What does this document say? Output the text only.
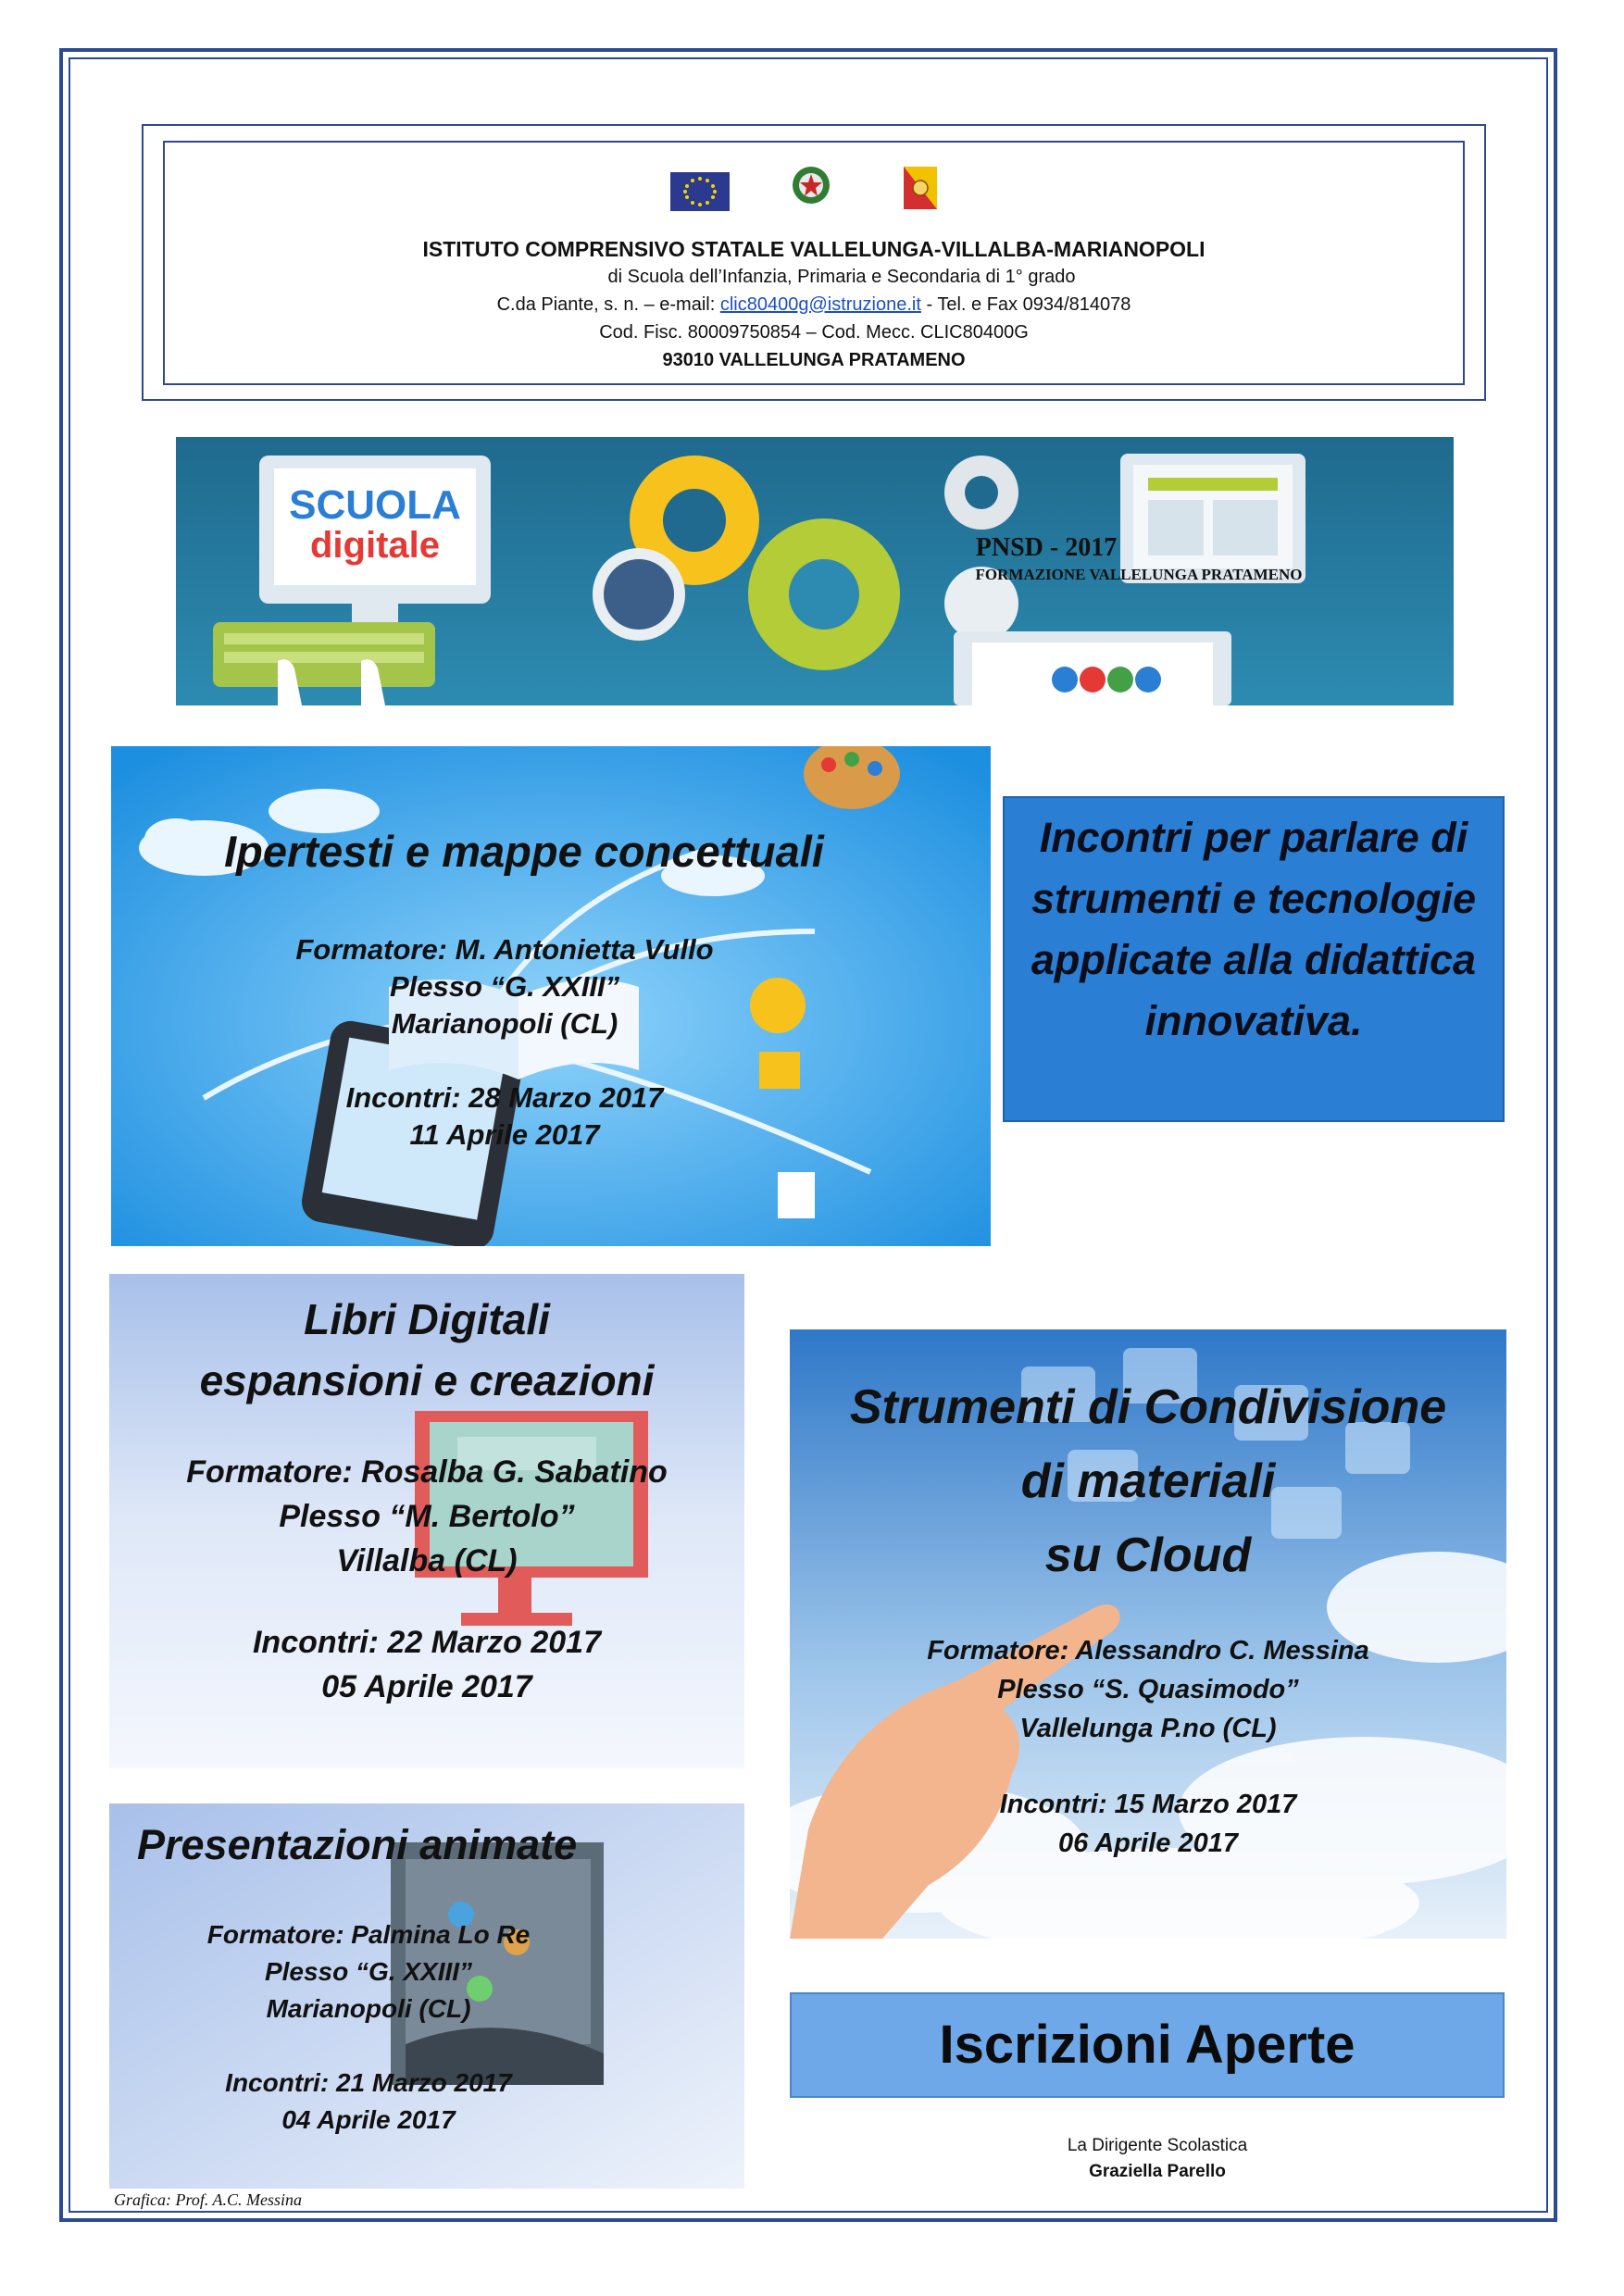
ISTITUTO COMPRENSIVO STATALE VALLELUNGA-VILLALBA-MARIANOPOLI
di Scuola dell’Infanzia, Primaria e Secondaria di 1° grado
C.da Piante, s. n. – e-mail: clic80400g@istruzione.it - Tel. e Fax 0934/814078
Cod. Fisc. 80009750854 – Cod. Mecc. CLIC80400G
93010 VALLELUNGA PRATAMENO
SCUOLA
digitale	PNSD - 2017
FORMAZIONE VALLELUNGA PRATAMENO
Ipertesti e mappe concettuali
Formatore: M. Antonietta Vullo
Plesso “G. XXIII”
Marianopoli (CL)
Incontri: 28 Marzo 2017
11 Aprile 2017
Incontri per parlare di
strumenti e tecnologie
applicate alla didattica
innovativa.
Libri Digitali
espansioni e creazioni
Formatore: Rosalba G. Sabatino
Plesso “M. Bertolo”
Villalba (CL)
Incontri: 22 Marzo 2017
05 Aprile 2017
Presentazioni animate
Formatore: Palmina Lo Re
Plesso “G. XXIII”
Marianopoli (CL)
Incontri: 21 Marzo 2017
04 Aprile 2017
Strumenti di Condivisione
di materiali
su Cloud
Formatore: Alessandro C. Messina
Plesso “S. Quasimodo”
Vallelunga P.no (CL)
Incontri: 15 Marzo 2017
06 Aprile 2017
Iscrizioni Aperte
La Dirigente Scolastica
Graziella Parello
Grafica: Prof. A.C. Messina
